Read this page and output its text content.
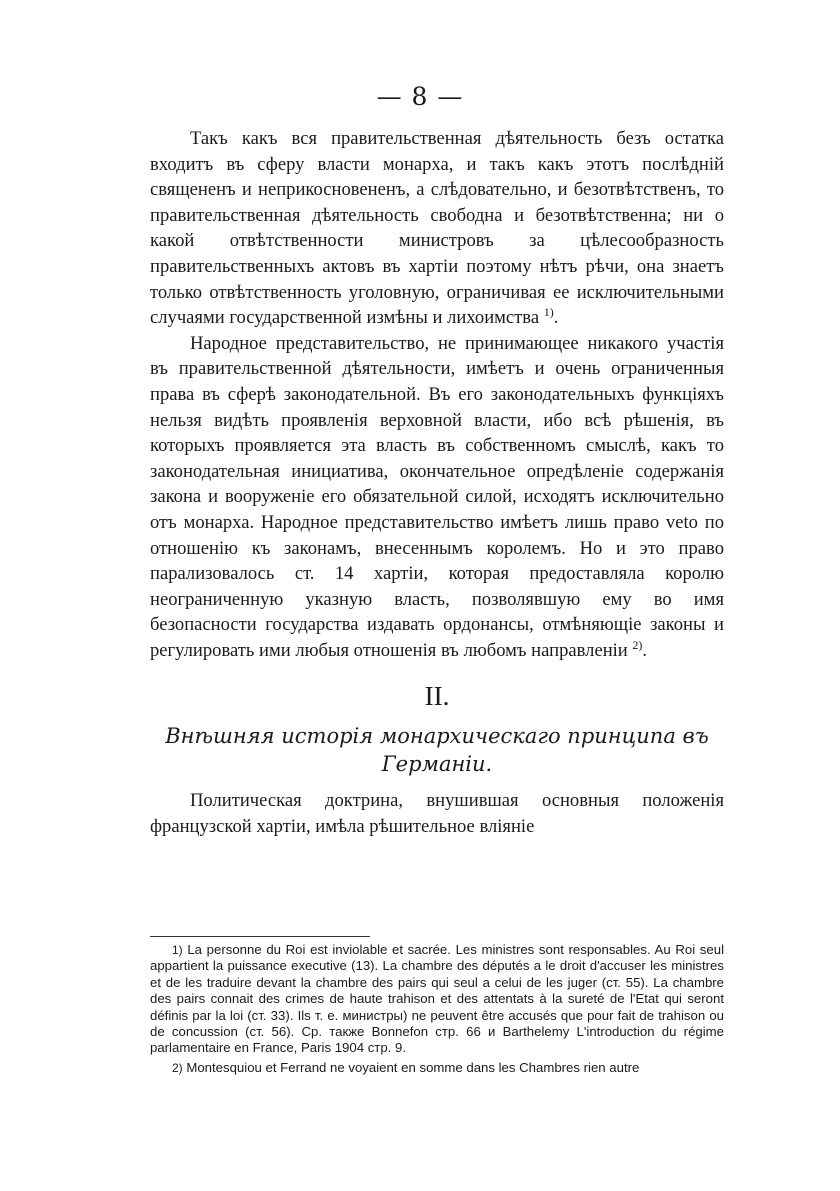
— 8 —

Такъ какъ вся правительственная дѣятельность безъ остатка входитъ въ сферу власти монарха, и такъ какъ этотъ послѣднiй священенъ и неприкосновененъ, а слѣдовательно, и безотвѣтственъ, то правительственная дѣятельность свободна и безотвѣтственна; ни о какой отвѣтственности министровъ за цѣлесообразность правительственныхъ актовъ въ хартiи поэтому нѣтъ рѣчи, она знаетъ только отвѣтственность уголовную, ограничивая ее исключительными случаями государственной измѣны и лихоимства $^{1)}$.

Народное представительство, не принимающее никакого участiя въ правительственной дѣятельности, имѣетъ и очень ограниченныя права въ сферѣ законодательной. Въ его законодательныхъ функцiяхъ нельзя видѣть проявленiя верховной власти, ибо всѣ рѣшенiя, въ которыхъ проявляется эта власть въ собственномъ смыслѣ, какъ то законодательная инициатива, окончательное опредѣленiе содержанiя закона и вооруженiе его обязательной силой, исходятъ исключительно отъ монарха. Народное представительство имѣетъ лишь право veto по отношенiю къ законамъ, внесеннымъ королемъ. Но и это право парализовалось ст. 14 хартiи, которая предоставляла королю неограниченную указную власть, позволявшую ему во имя безопасности государства издавать ордонансы, отмѣняющiе законы и регулировать ими любыя отношенiя въ любомъ направленiи $^{2)}$.

II.
Внѣшняя исторiя монархическаго принципа въ
Германiи.

Политическая доктрина, внушившая основныя положенiя французской хартiи, имѣла рѣшительное влiянiе

1) La personne du Roi est inviolable et sacrée. Les ministres sont responsables. Au Roi seul appartient la puissance executive (13). La chambre des députés a le droit d'accuser les ministres et de les traduire devant la chambre des pairs qui seul a celui de les juger (ст. 55). La chambre des pairs connait des crimes de haute trahison et des attentats à la sureté de l'Etat qui seront définis par la loi (ст. 33). Ils т. е. министры) ne peuvent être accusés que pour fait de trahison ou de concussion (ст. 56). Ср. также Bonnefon стр. 66 и Barthelemy L'introduction du régime parlamentaire en France, Paris 1904 стр. 9.

2) Montesquiou et Ferrand ne voyaient en somme dans les Chambres rien autre
